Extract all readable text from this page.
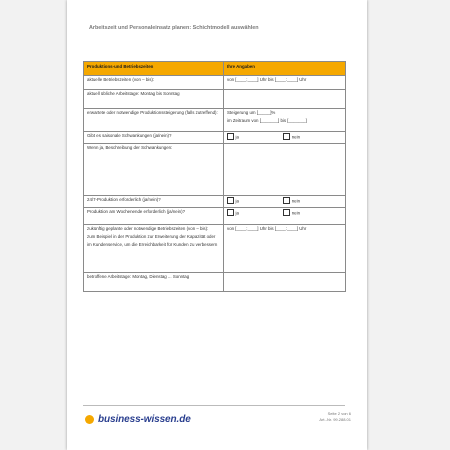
Arbeitszeit und Personaleinsatz planen: Schichtmodell auswählen
Produktions-und Betriebszeiten	Ihre Angaben
aktuelle Betriebszeiten (von – bis):	von [____:____] Uhr bis [____:____] Uhr
aktuell übliche Arbeitstage: Montag bis Sonntag	
erwartete oder notwendige Produktionssteigerung (falls zutreffend):	Steigerung um [_____]%
im Zeitraum von [_______] bis [_______]

Gibt es saisonale Schwankungen (ja/nein)?	ja nein
Wenn ja, Beschreibung der Schwankungen:	
24/7-Produktion erforderlich (ja/nein)?	ja nein
Produktion am Wochenende erforderlich (ja/nein)?	ja nein

zukünftig geplante oder notwendige Betriebszeiten (von – bis):
zum Beispiel in der Produktion zur Erweiterung der Kapazität oder
im Kundenservice, um die Erreichbarkeit für Kunden zu verbessern	von [____:____] Uhr bis [____:____] Uhr
betroffene Arbeitstage: Montag, Dienstag ... Sonntag	
business-wissen.de
Seite 2 von 6
Art.-Nr. 99.288.01
